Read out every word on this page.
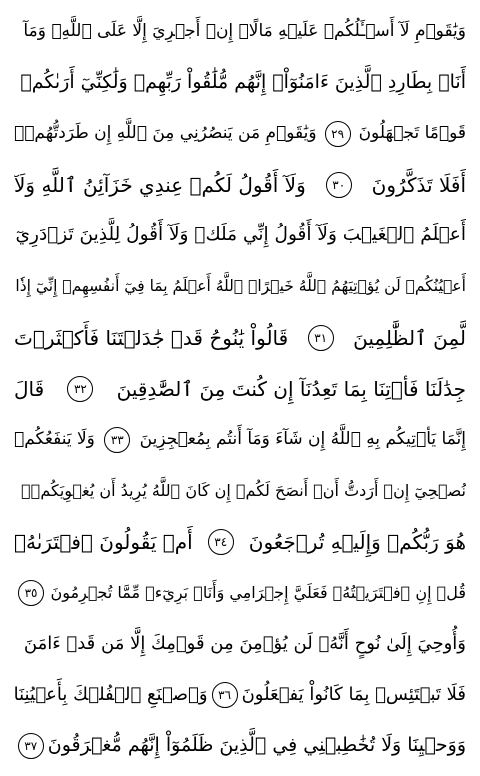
وَيَٰقَوۡمِ لَآ أَسۡـَٔلُكُمۡ عَلَيۡهِ مَالًاۖ إِنۡ أَجۡرِيَ إِلَّا عَلَى ٱللَّهِۚ وَمَآ
أَنَا۠ بِطَارِدِ ٱلَّذِينَ ءَامَنُوٓاْۚ إِنَّهُم مُّلَٰقُواْ رَبِّهِمۡ وَلَٰكِنِّيٓ أَرَىٰكُمۡ
قَوۡمًا تَجۡهَلُونَ
٢٩
وَيَٰقَوۡمِ مَن يَنصُرُنِي مِنَ ٱللَّهِ إِن طَرَدتُّهُمۡۚ
أَفَلَا تَذَكَّرُونَ
٣٠
وَلَآ أَقُولُ لَكُمۡ عِندِي خَزَآئِنُ ٱللَّهِ وَلَآ
أَعۡلَمُ ٱلۡغَيۡبَ وَلَآ أَقُولُ إِنِّي مَلَكٞ وَلَآ أَقُولُ لِلَّذِينَ تَزۡدَرِيٓ
أَعۡيُنُكُمۡ لَن يُؤۡتِيَهُمُ ٱللَّهُ خَيۡرًاۖ ٱللَّهُ أَعۡلَمُ بِمَا فِيٓ أَنفُسِهِمۡ إِنِّيٓ إِذٗا
لَّمِنَ ٱلظَّٰلِمِينَ
٣١
قَالُواْ يَٰنُوحُ قَدۡ جَٰدَلۡتَنَا فَأَكۡثَرۡتَ
جِدَٰلَنَا فَأۡتِنَا بِمَا تَعِدُنَآ إِن كُنتَ مِنَ ٱلصَّٰدِقِينَ
٣٢
قَالَ
إِنَّمَا يَأۡتِيكُم بِهِ ٱللَّهُ إِن شَآءَ وَمَآ أَنتُم بِمُعۡجِزِينَ
٣٣
وَلَا يَنفَعُكُمۡ
نُصۡحِيٓ إِنۡ أَرَدتُّ أَنۡ أَنصَحَ لَكُمۡ إِن كَانَ ٱللَّهُ يُرِيدُ أَن يُغۡوِيَكُمۡۚ
هُوَ رَبُّكُمۡ وَإِلَيۡهِ تُرۡجَعُونَ
٣٤
أَمۡ يَقُولُونَ ٱفۡتَرَىٰهُۖ
قُلۡ إِنِ ٱفۡتَرَيۡتُهُۥ فَعَلَيَّ إِجۡرَامِي وَأَنَا۠ بَرِيٓءٞ مِّمَّا تُجۡرِمُونَ
٣٥
وَأُوحِيَ إِلَىٰ نُوحٍ أَنَّهُۥ لَن يُؤۡمِنَ مِن قَوۡمِكَ إِلَّا مَن قَدۡ ءَامَنَ
فَلَا تَبۡتَئِسۡ بِمَا كَانُواْ يَفۡعَلُونَ
٣٦
وَٱصۡنَعِ ٱلۡفُلۡكَ بِأَعۡيُنِنَا
وَوَحۡيِنَا وَلَا تُخَٰطِبۡنِي فِي ٱلَّذِينَ ظَلَمُوٓاْ إِنَّهُم مُّغۡرَقُونَ
٣٧
